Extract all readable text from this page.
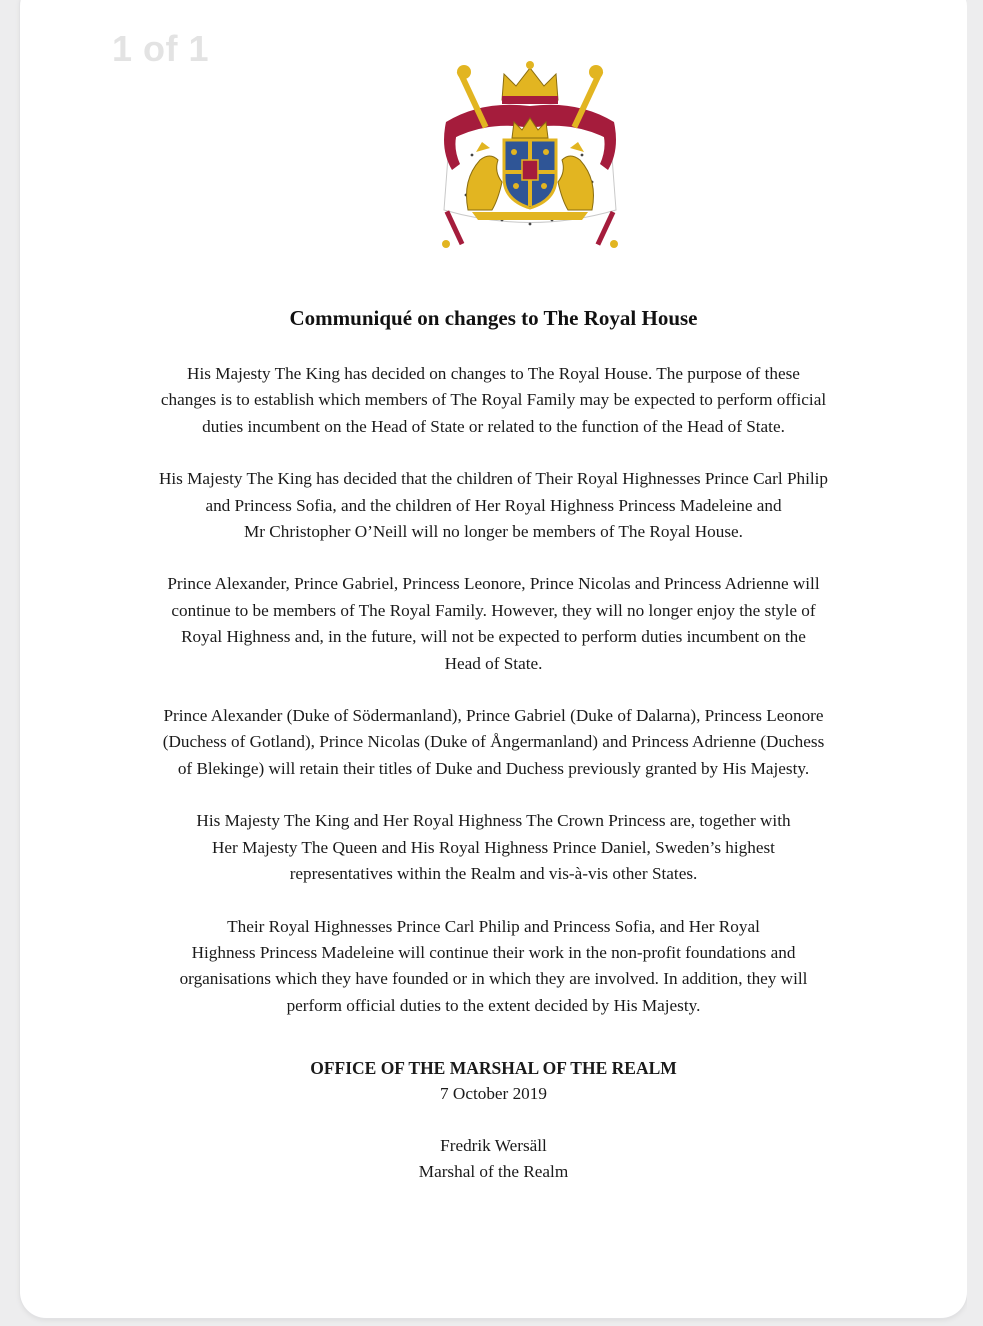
1 of 1
Communiqué on changes to The Royal House
His Majesty The King has decided on changes to The Royal House. The purpose of these
changes is to establish which members of The Royal Family may be expected to perform official
duties incumbent on the Head of State or related to the function of the Head of State.
His Majesty The King has decided that the children of Their Royal Highnesses Prince Carl Philip
and Princess Sofia, and the children of Her Royal Highness Princess Madeleine and
Mr Christopher O’Neill will no longer be members of The Royal House.
Prince Alexander, Prince Gabriel, Princess Leonore, Prince Nicolas and Princess Adrienne will
continue to be members of The Royal Family. However, they will no longer enjoy the style of
Royal Highness and, in the future, will not be expected to perform duties incumbent on the
Head of State.
Prince Alexander (Duke of Södermanland), Prince Gabriel (Duke of Dalarna), Princess Leonore
(Duchess of Gotland), Prince Nicolas (Duke of Ångermanland) and Princess Adrienne (Duchess
of Blekinge) will retain their titles of Duke and Duchess previously granted by His Majesty.
His Majesty The King and Her Royal Highness The Crown Princess are, together with
Her Majesty The Queen and His Royal Highness Prince Daniel, Sweden’s highest
representatives within the Realm and vis-à-vis other States.
Their Royal Highnesses Prince Carl Philip and Princess Sofia, and Her Royal
Highness Princess Madeleine will continue their work in the non-profit foundations and
organisations which they have founded or in which they are involved. In addition, they will
perform official duties to the extent decided by His Majesty.
OFFICE OF THE MARSHAL OF THE REALM
7 October 2019
Fredrik Wersäll
Marshal of the Realm
